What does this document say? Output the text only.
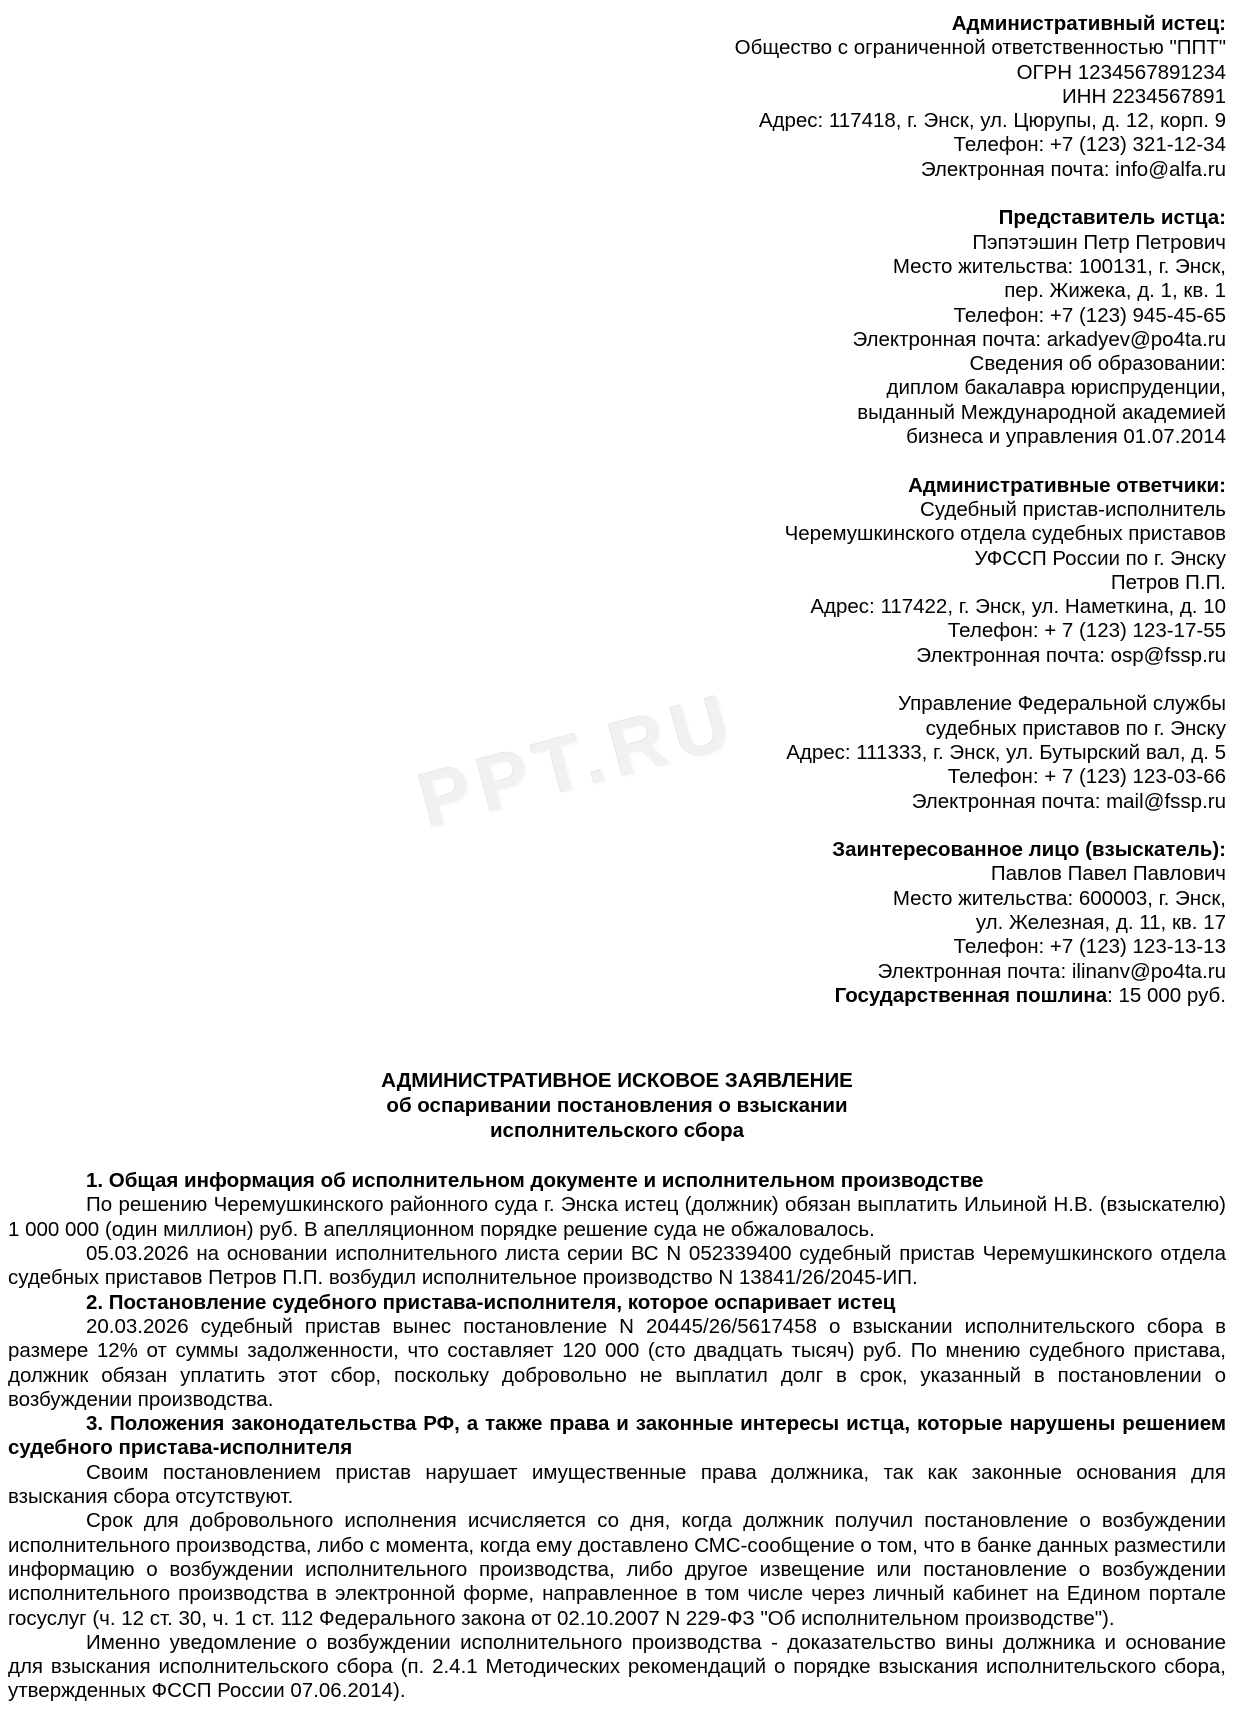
PPT.RU
Административный истец:
Общество с ограниченной ответственностью "ППТ"
ОГРН 1234567891234
ИНН 2234567891
Адрес: 117418, г. Энск, ул. Цюрупы, д. 12, корп. 9
Телефон: +7 (123) 321-12-34
Электронная почта: info@alfa.ru
Представитель истца:
Пэпэтэшин Петр Петрович
Место жительства: 100131, г. Энск,
пер. Жижека, д. 1, кв. 1
Телефон: +7 (123) 945-45-65
Электронная почта: arkadyev@po4ta.ru
Сведения об образовании:
диплом бакалавра юриспруденции,
выданный Международной академией
бизнеса и управления 01.07.2014
Административные ответчики:
Судебный пристав-исполнитель
Черемушкинского отдела судебных приставов
УФССП России по г. Энску
Петров П.П.
Адрес: 117422, г. Энск, ул. Наметкина, д. 10
Телефон: + 7 (123) 123-17-55
Электронная почта: osp@fssp.ru
Управление Федеральной службы
судебных приставов по г. Энску
Адрес: 111333, г. Энск, ул. Бутырский вал, д. 5
Телефон: + 7 (123) 123-03-66
Электронная почта: mail@fssp.ru
Заинтересованное лицо (взыскатель):
Павлов Павел Павлович
Место жительства: 600003, г. Энск,
ул. Железная, д. 11, кв. 17
Телефон: +7 (123) 123-13-13
Электронная почта: ilinanv@po4ta.ru
Государственная пошлина: 15 000 руб.
АДМИНИСТРАТИВНОЕ ИСКОВОЕ ЗАЯВЛЕНИЕ
об оспаривании постановления о взыскании
исполнительского сбора

1. Общая информация об исполнительном документе и исполнительном производстве

По решению Черемушкинского районного суда г. Энска истец (должник) обязан выплатить Ильиной Н.В. (взыскателю) 1 000 000 (один миллион) руб. В апелляционном порядке решение суда не обжаловалось.

05.03.2026 на основании исполнительного листа серии ВС N 052339400 судебный пристав Черемушкинского отдела судебных приставов Петров П.П. возбудил исполнительное производство N 13841/26/2045-ИП.

2. Постановление судебного пристава-исполнителя, которое оспаривает истец

20.03.2026 судебный пристав вынес постановление N 20445/26/5617458 о взыскании исполнительского сбора в размере 12% от суммы задолженности, что составляет 120 000 (сто двадцать тысяч) руб. По мнению судебного пристава, должник обязан уплатить этот сбор, поскольку добровольно не выплатил долг в срок, указанный в постановлении о возбуждении производства.

3. Положения законодательства РФ, а также права и законные интересы истца, которые нарушены решением судебного пристава-исполнителя

Своим постановлением пристав нарушает имущественные права должника, так как законные основания для взыскания сбора отсутствуют.

Срок для добровольного исполнения исчисляется со дня, когда должник получил постановление о возбуждении исполнительного производства, либо с момента, когда ему доставлено СМС-сообщение о том, что в банке данных разместили информацию о возбуждении исполнительного производства, либо другое извещение или постановление о возбуждении исполнительного производства в электронной форме, направленное в том числе через личный кабинет на Едином портале госуслуг (ч. 12 ст. 30, ч. 1 ст. 112 Федерального закона от 02.10.2007 N 229-ФЗ "Об исполнительном производстве").

Именно уведомление о возбуждении исполнительного производства - доказательство вины должника и основание для взыскания исполнительского сбора (п. 2.4.1 Методических рекомендаций о порядке взыскания исполнительского сбора, утвержденных ФССП России 07.06.2014).
